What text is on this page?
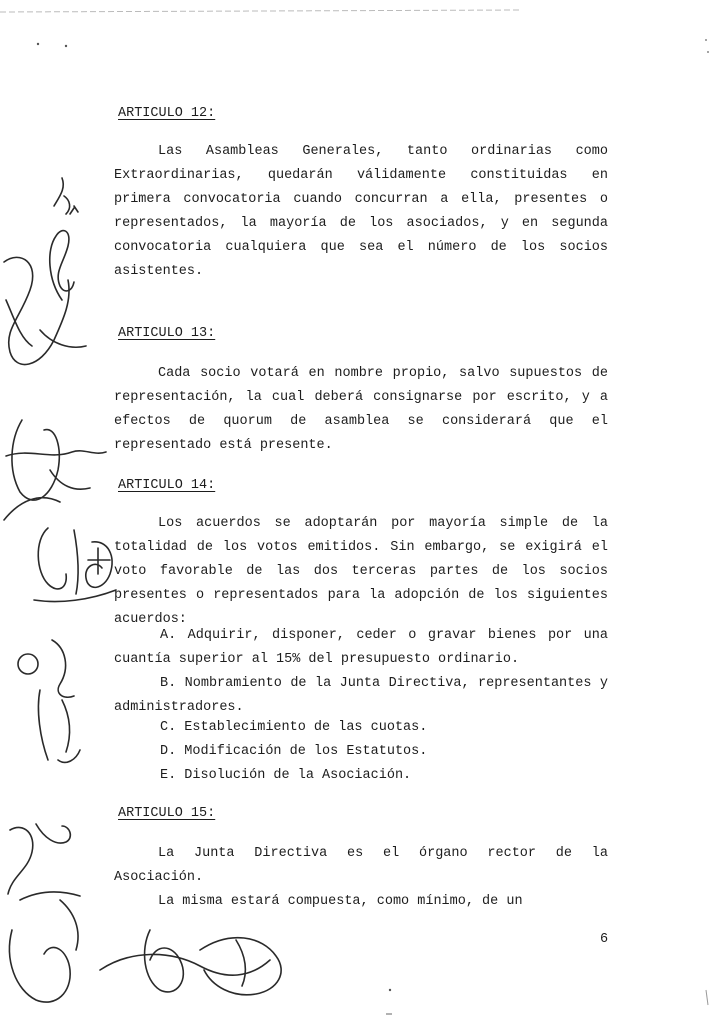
ARTICULO 12:

Las Asambleas Generales, tanto ordinarias como Extraordinarias, quedarán válidamente constituidas en primera convocatoria cuando concurran a ella, presentes o representados, la mayoría de los asociados, y en segunda convocatoria cualquiera que sea el número de los socios asistentes.

ARTICULO 13:

Cada socio votará en nombre propio, salvo supuestos de representación, la cual deberá consignarse por escrito, y a efectos de quorum de asamblea se considerará que el representado está presente.

ARTICULO 14:

Los acuerdos se adoptarán por mayoría simple de la totalidad de los votos emitidos. Sin embargo, se exigirá el voto favorable de las dos terceras partes de los socios presentes o representados para la adopción de los siguientes acuerdos:

A. Adquirir, disponer, ceder o gravar bienes por una cuantía superior al 15% del presupuesto ordinario.

B. Nombramiento de la Junta Directiva, representantes y administradores.

C. Establecimiento de las cuotas.

D. Modificación de los Estatutos.

E. Disolución de la Asociación.

ARTICULO 15:

La Junta Directiva es el órgano rector de la Asociación.

La misma estará compuesta, como mínimo, de un

6
